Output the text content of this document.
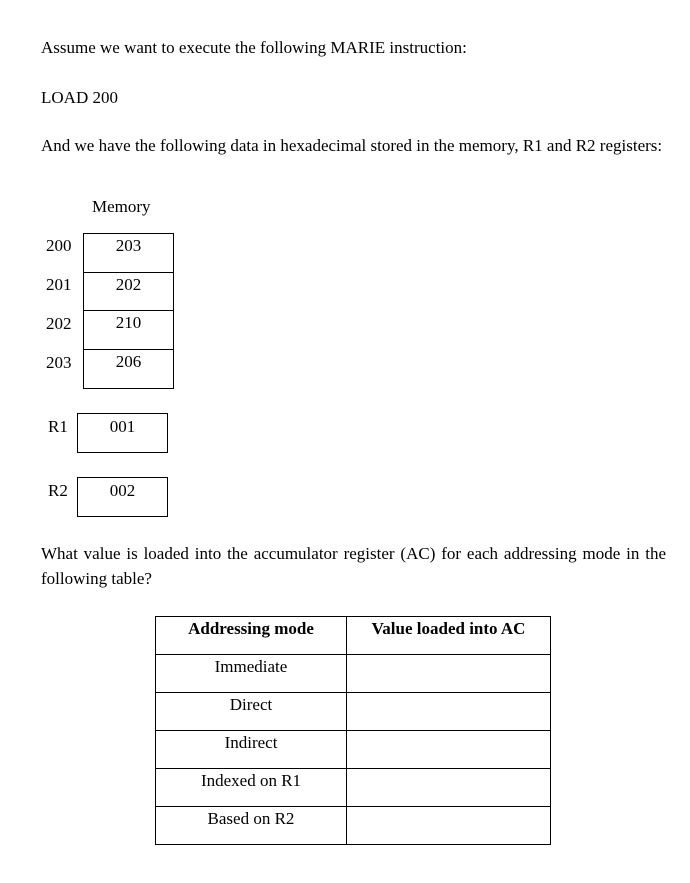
Assume we want to execute the following MARIE instruction:
LOAD 200
And we have the following data in hexadecimal stored in the memory, R1 and R2 registers:
Memory
200	203
201	202
202	210
203	206
R1	001
R2	002
What value is loaded into the accumulator register (AC) for each addressing mode in the following table?
Addressing mode	Value loaded into AC
Immediate	
Direct	
Indirect	
Indexed on R1	
Based on R2	
